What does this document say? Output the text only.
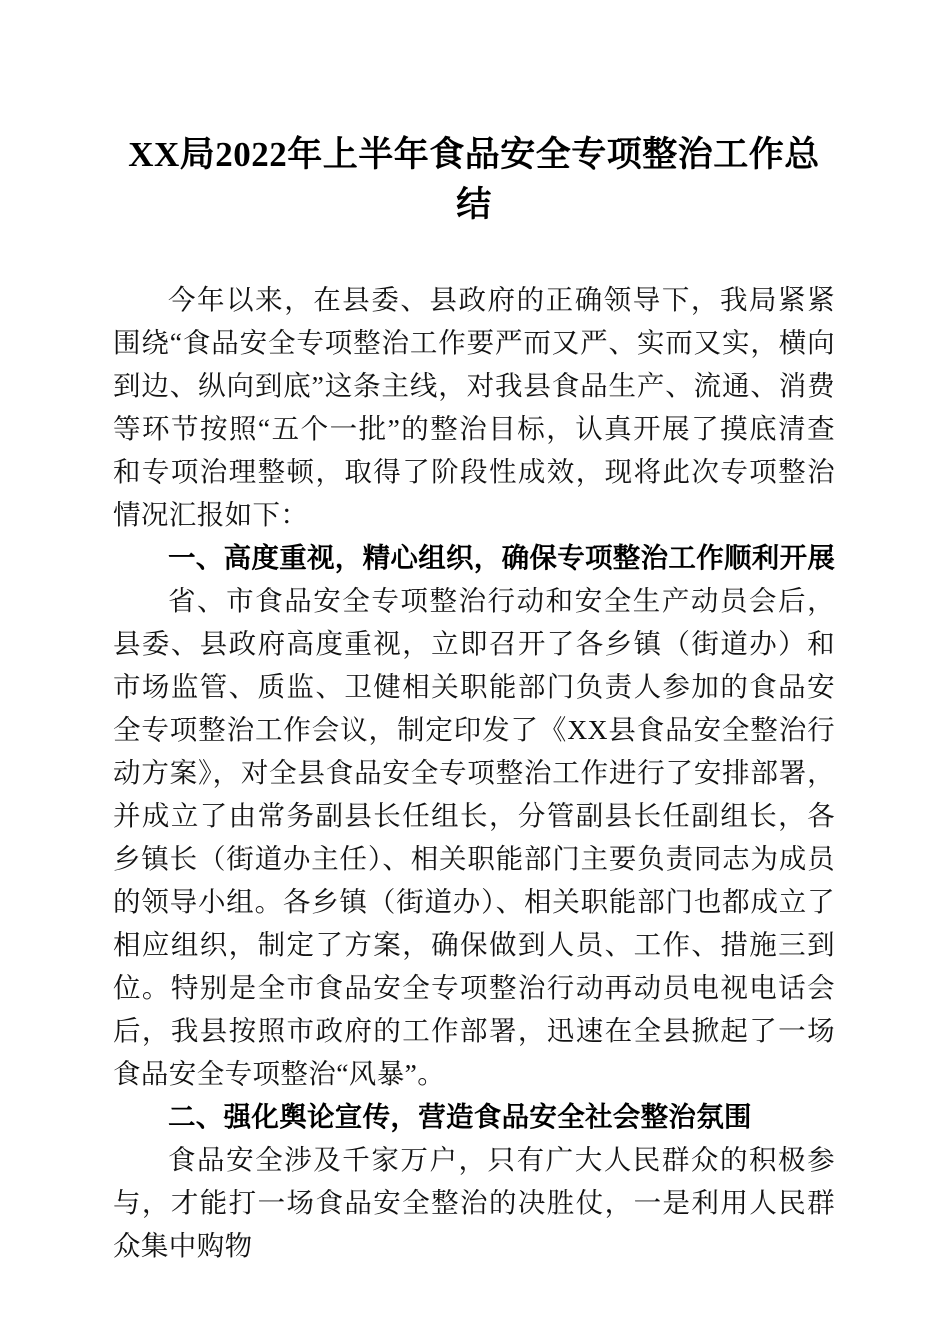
XX局2022年上半年食品安全专项整治工作总结

今年以来，在县委、县政府的正确领导下，我局紧紧围绕“食品安全专项整治工作要严而又严、实而又实，横向到边、纵向到底”这条主线，对我县食品生产、流通、消费等环节按照“五个一批”的整治目标，认真开展了摸底清查和专项治理整顿，取得了阶段性成效，现将此次专项整治情况汇报如下：

一、高度重视，精心组织，确保专项整治工作顺利开展

省、市食品安全专项整治行动和安全生产动员会后，县委、县政府高度重视，立即召开了各乡镇（街道办）和市场监管、质监、卫健相关职能部门负责人参加的食品安全专项整治工作会议，制定印发了《XX县食品安全整治行动方案》，对全县食品安全专项整治工作进行了安排部署，并成立了由常务副县长任组长，分管副县长任副组长，各乡镇长（街道办主任）、相关职能部门主要负责同志为成员的领导小组。各乡镇（街道办）、相关职能部门也都成立了相应组织，制定了方案，确保做到人员、工作、措施三到位。特别是全市食品安全专项整治行动再动员电视电话会后，我县按照市政府的工作部署，迅速在全县掀起了一场食品安全专项整治“风暴”。

二、强化舆论宣传，营造食品安全社会整治氛围

食品安全涉及千家万户，只有广大人民群众的积极参与，才能打一场食品安全整治的决胜仗，一是利用人民群众集中购物
